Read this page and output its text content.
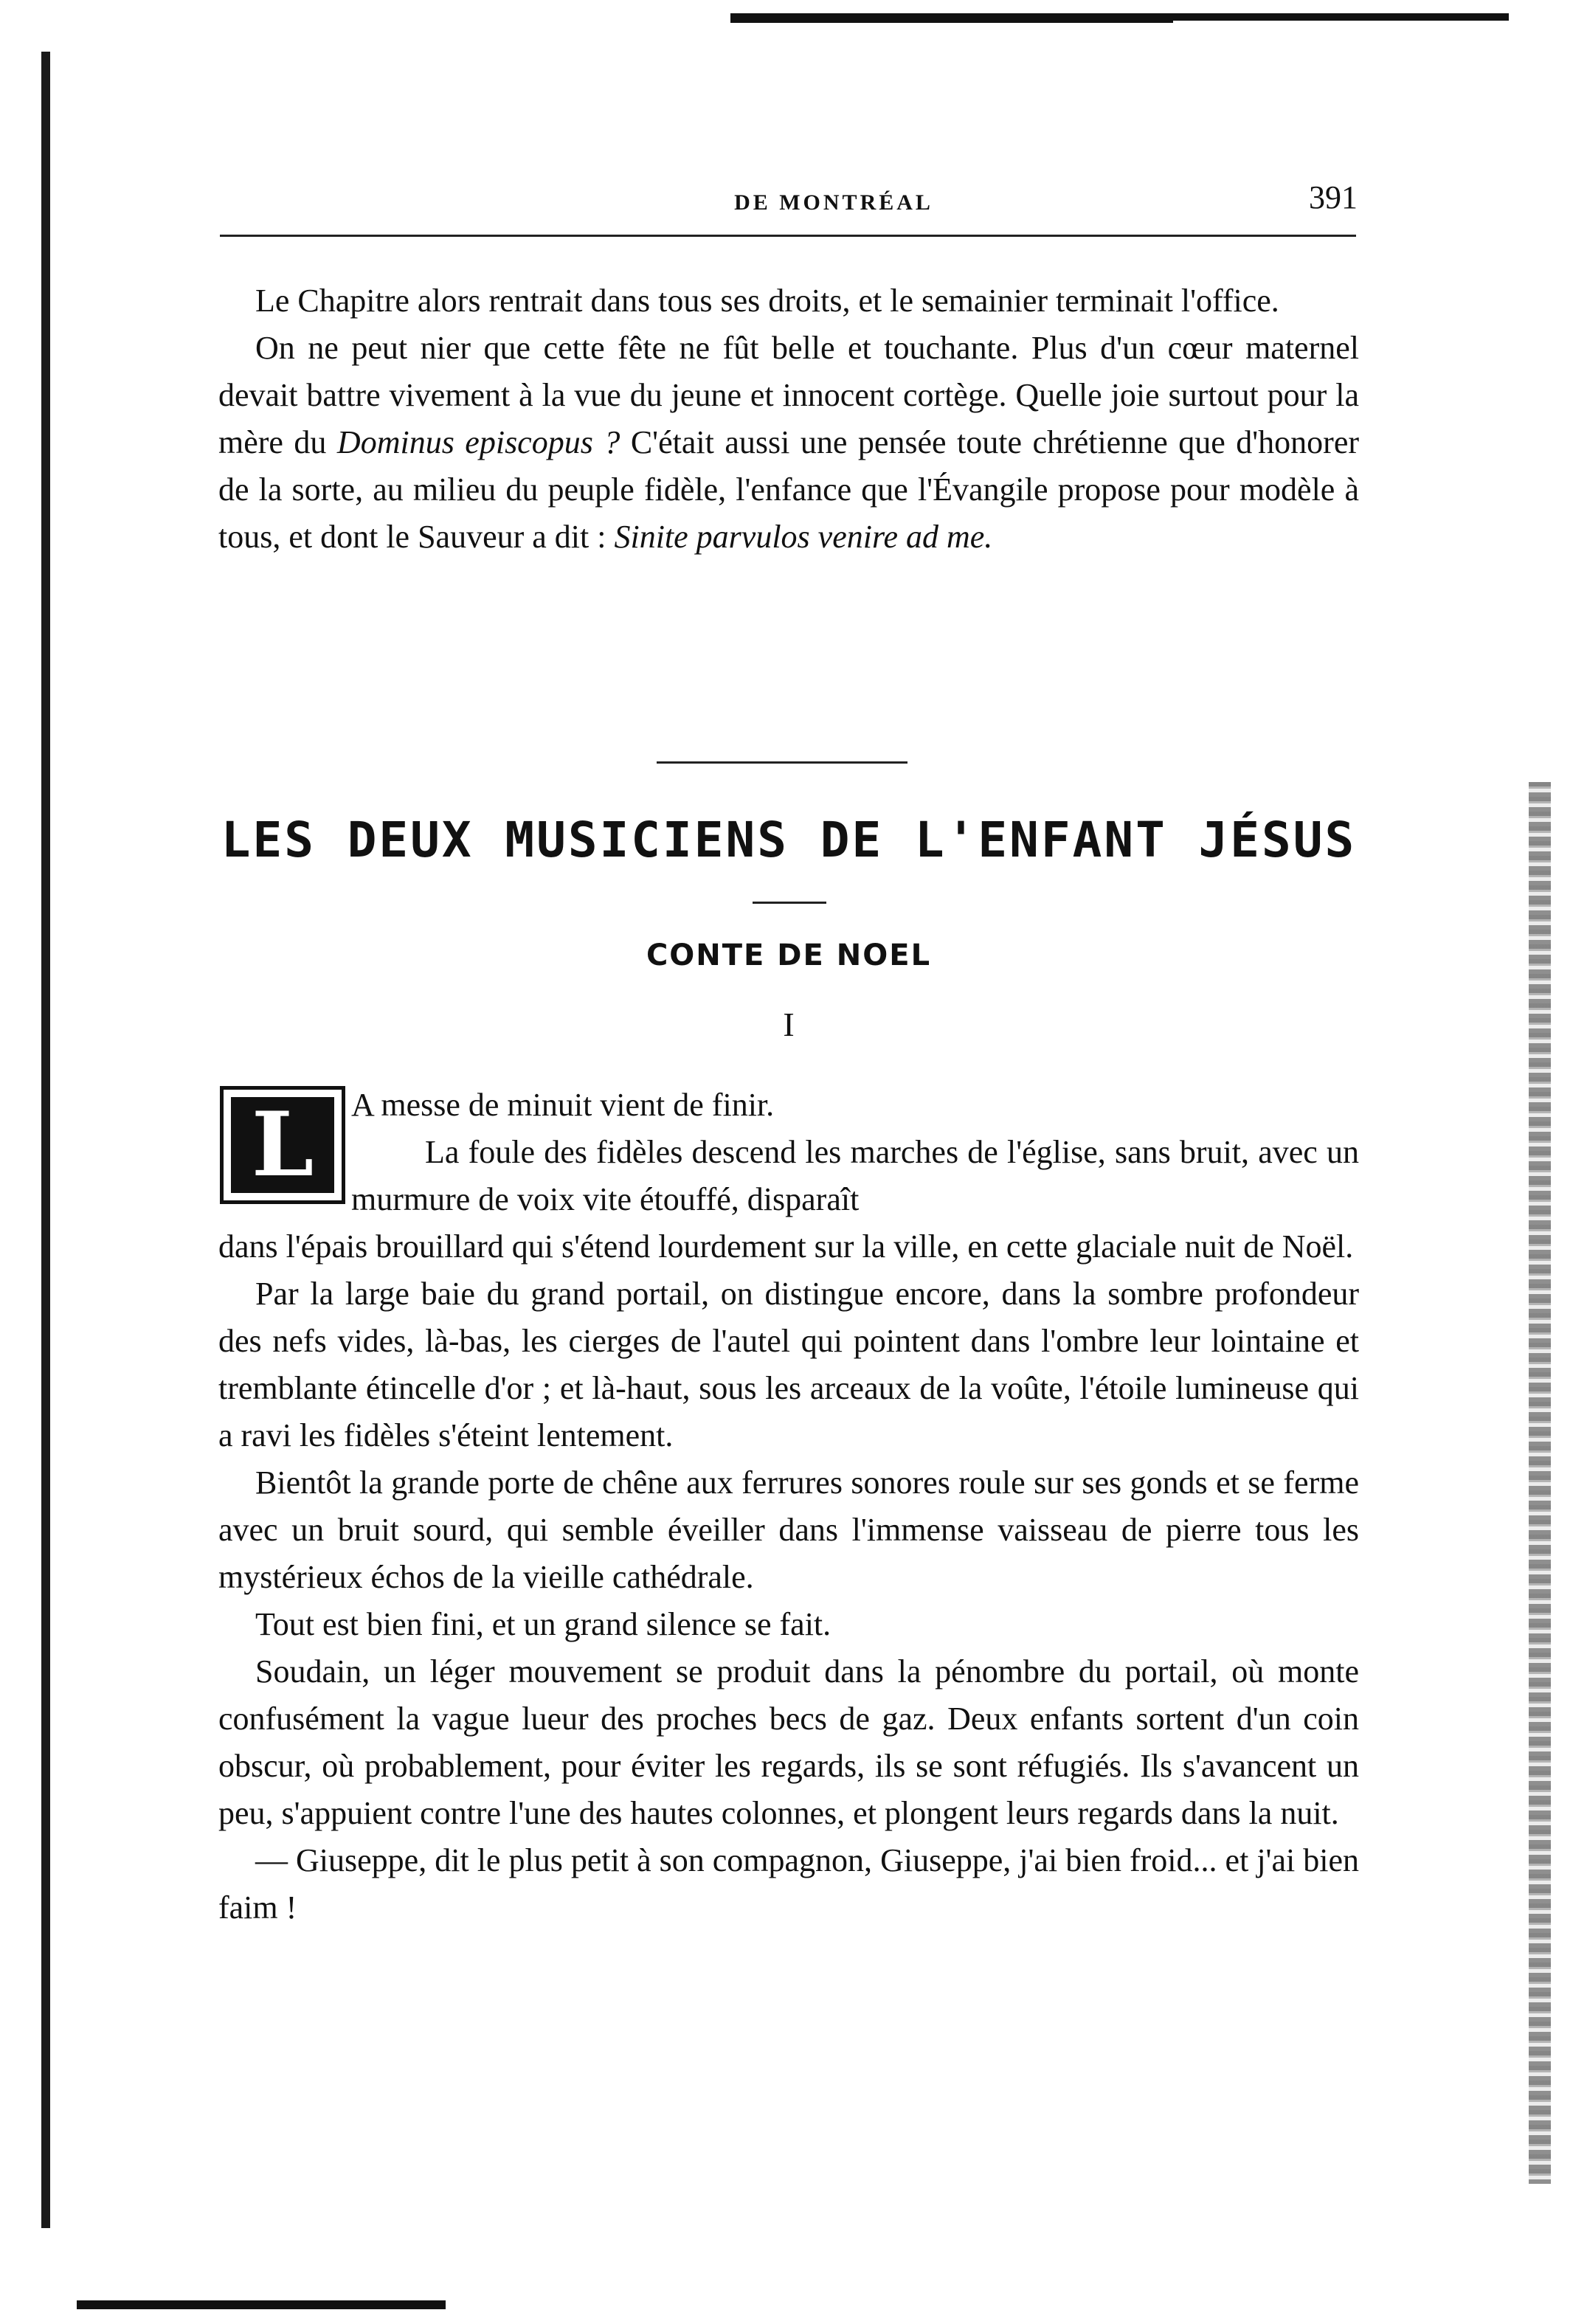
DE MONTRÉAL	391

Le Chapitre alors rentrait dans tous ses droits, et le semainier terminait l'office.

On ne peut nier que cette fête ne fût belle et touchante. Plus d'un cœur maternel devait battre vivement à la vue du jeune et innocent cortège. Quelle joie surtout pour la mère du Dominus episcopus ? C'était aussi une pensée toute chrétienne que d'honorer de la sorte, au milieu du peuple fidèle, l'enfance que l'Évangile propose pour modèle à tous, et dont le Sauveur a dit : Sinite parvulos venire ad me.

LES DEUX MUSICIENS DE L'ENFANT JÉSUS
CONTE DE NOEL
I
L A messe de minuit vient de finir.

La foule des fidèles descend les marches de l'église, sans bruit, avec un murmure de voix vite étouffé, disparaît

dans l'épais brouillard qui s'étend lourdement sur la ville, en cette glaciale nuit de Noël.

Par la large baie du grand portail, on distingue encore, dans la sombre profondeur des nefs vides, là-bas, les cierges de l'autel qui pointent dans l'ombre leur lointaine et tremblante étincelle d'or ; et là-haut, sous les arceaux de la voûte, l'étoile lumineuse qui a ravi les fidèles s'éteint lentement.

Bientôt la grande porte de chêne aux ferrures sonores roule sur ses gonds et se ferme avec un bruit sourd, qui semble éveiller dans l'immense vaisseau de pierre tous les mystérieux échos de la vieille cathédrale.

Tout est bien fini, et un grand silence se fait.

Soudain, un léger mouvement se produit dans la pénombre du portail, où monte confusément la vague lueur des proches becs de gaz. Deux enfants sortent d'un coin obscur, où probablement, pour éviter les regards, ils se sont réfugiés. Ils s'avancent un peu, s'appuient contre l'une des hautes colonnes, et plongent leurs regards dans la nuit.

— Giuseppe, dit le plus petit à son compagnon, Giuseppe, j'ai bien froid... et j'ai bien faim !
